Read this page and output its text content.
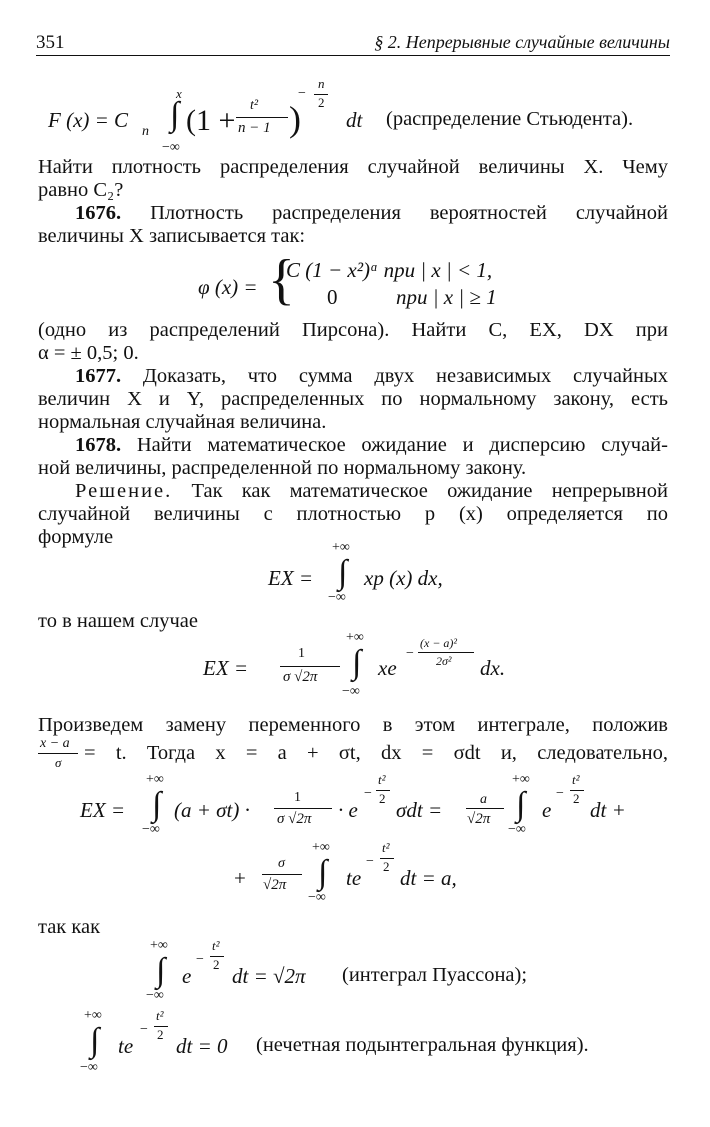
351	§ 2. Непрерывные случайные величины
F (x) = C n
x
∫
−∞
(1 + t²
n − 1 )
−
n
2
dt (распределение Стьюдента).
Найти плотность распределения случайной величины X. Чему
равно C₂?
1676. Плотность распределения вероятностей случайной
величины X записывается так:
φ (x) = {
C (1 − x²)ᵅ при | x | < 1,
0	при | x | ≥ 1
(одно из распределений Пирсона). Найти C, EX, DX при
α = ± 0,5; 0.
1677. Доказать, что сумма двух независимых случайных
величин X и Y, распределенных по нормальному закону, есть
нормальная случайная величина.
1678. Найти математическое ожидание и дисперсию случай-
ной величины, распределенной по нормальному закону.
Решение. Так как математическое ожидание непрерывной
случайной величины с плотностью p (x) определяется по
формуле
EX =
+∞
∫
−∞
xp (x) dx,
то в нашем случае
EX =
1
σ √2π
+∞
∫
−∞
xe
−
(x − a)²
2σ² dx.
Произведем замену переменного в этом интеграле, положив
x − a
σ = t. Тогда x = a + σt, dx = σdt и, следовательно,
EX =
+∞
∫
−∞
(a + σt) ·
1
σ √2π · e
−
t²
2 σdt =	a
√2π
+∞
∫
−∞
e
−
t²
2 dt +
+
σ
√2π
+∞
∫
−∞
te
−
t²
2 dt = a,
так как
+∞
∫
−∞
e
−
t²
2 dt = √2π (интеграл Пуассона);
+∞
∫
−∞
te
−
t²
2 dt = 0 (нечетная подынтегральная функция).
